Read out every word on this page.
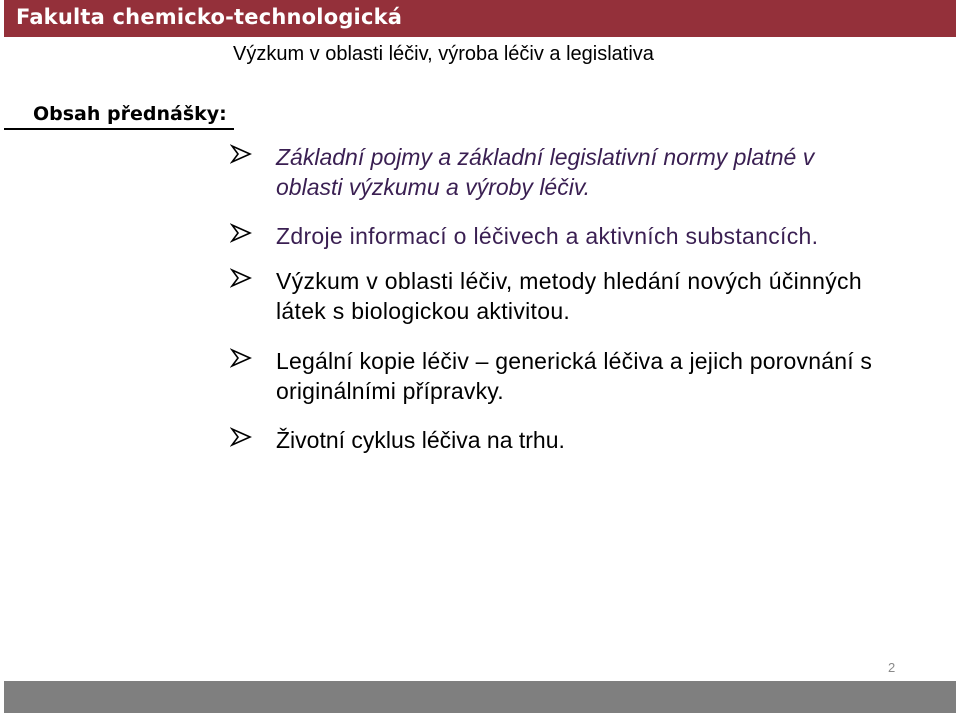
Fakulta chemicko-technologická
Výzkum v oblasti léčiv, výroba léčiv a legislativa
Obsah přednášky:
Základní pojmy a základní legislativní normy platné v oblasti výzkumu a výroby léčiv.
Zdroje informací o léčivech a aktivních substancích.
Výzkum v oblasti léčiv, metody hledání nových účinných látek s biologickou aktivitou.
Legální kopie léčiv – generická léčiva a jejich porovnání s originálními přípravky.
Životní cyklus léčiva na trhu.
2
